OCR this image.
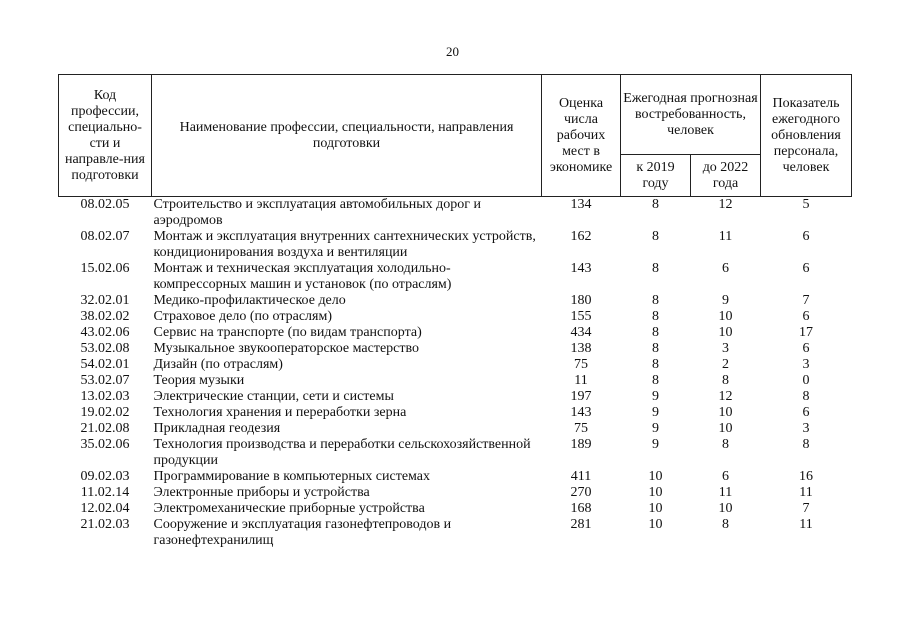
20
Код профессии, специально-сти и направле-ния подготовки	Наименование профессии, специальности, направления подготовки	Оценка числа рабочих мест в экономике	Ежегодная прогнозная востребованность, человек		Показатель ежегодного обновления персонала, человек
			к 2019 году	до 2022 года	
08.02.05	Строительство и эксплуатация автомобильных дорог и аэродромов	134	8	12	5
08.02.07	Монтаж и эксплуатация внутренних сантехнических устройств, кондиционирования воздуха и вентиляции	162	8	11	6
15.02.06	Монтаж и техническая эксплуатация холодильно-компрессорных машин и установок (по отраслям)	143	8	6	6
32.02.01	Медико-профилактическое дело	180	8	9	7
38.02.02	Страховое дело (по отраслям)	155	8	10	6
43.02.06	Сервис на транспорте (по видам транспорта)	434	8	10	17
53.02.08	Музыкальное звукооператорское мастерство	138	8	3	6
54.02.01	Дизайн (по отраслям)	75	8	2	3
53.02.07	Теория музыки	11	8	8	0
13.02.03	Электрические станции, сети и системы	197	9	12	8
19.02.02	Технология хранения и переработки зерна	143	9	10	6
21.02.08	Прикладная геодезия	75	9	10	3
35.02.06	Технология производства и переработки сельскохозяйственной продукции	189	9	8	8
09.02.03	Программирование в компьютерных системах	411	10	6	16
11.02.14	Электронные приборы и устройства	270	10	11	11
12.02.04	Электромеханические приборные устройства	168	10	10	7
21.02.03	Сооружение и эксплуатация газонефтепроводов и газонефтехранилищ	281	10	8	11
